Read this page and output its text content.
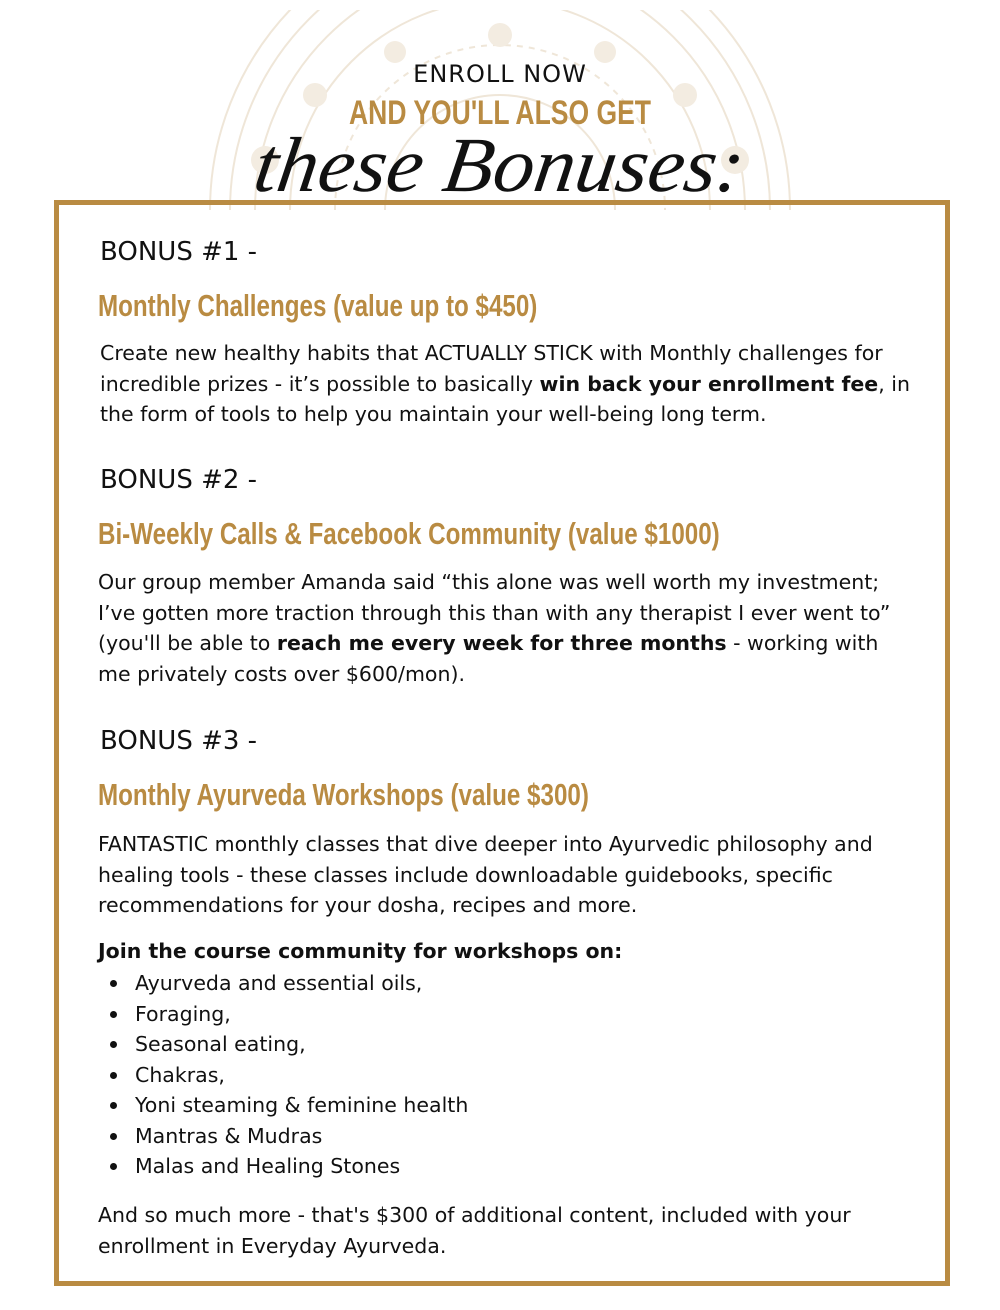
ENROLL NOW
AND YOU'LL ALSO GET
these Bonuses:
BONUS #1 -
Monthly Challenges (value up to $450)
Create new healthy habits that ACTUALLY STICK with Monthly challenges for incredible prizes - it’s possible to basically win back your enrollment fee, in the form of tools to help you maintain your well-being long term.
BONUS #2 -
Bi-Weekly Calls & Facebook Community (value $1000)
Our group member Amanda said “this alone was well worth my investment; I’ve gotten more traction through this than with any therapist I ever went to” (you'll be able to reach me every week for three months - working with me privately costs over $600/mon).
BONUS #3 -
Monthly Ayurveda Workshops (value $300)
FANTASTIC monthly classes that dive deeper into Ayurvedic philosophy and healing tools - these classes include downloadable guidebooks, specific recommendations for your dosha, recipes and more.
Join the course community for workshops on:
Ayurveda and essential oils,
Foraging,
Seasonal eating,
Chakras,
Yoni steaming & feminine health
Mantras & Mudras
Malas and Healing Stones
And so much more - that's $300 of additional content, included with your enrollment in Everyday Ayurveda.
